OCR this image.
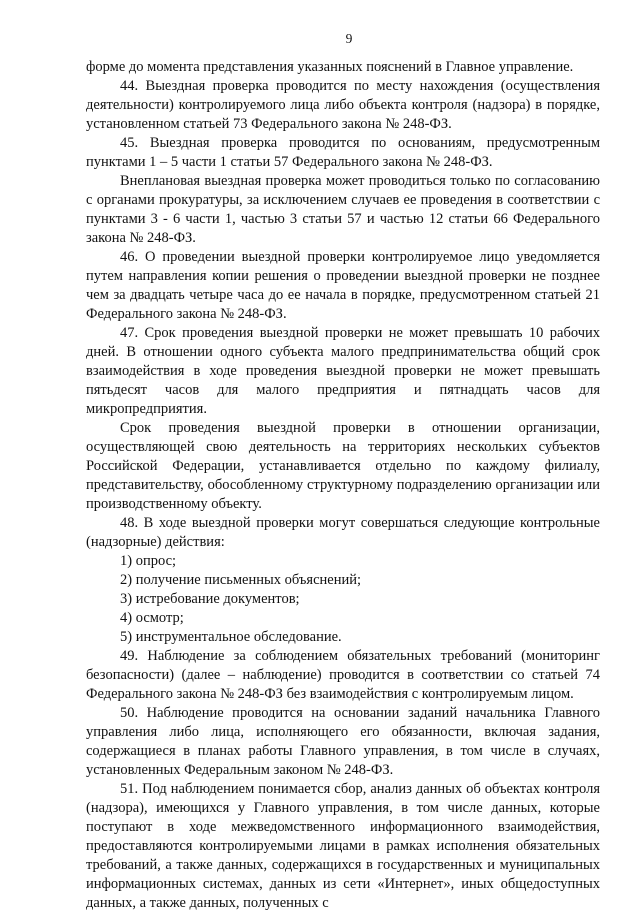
9

форме до момента представления указанных пояснений в Главное управление.

44. Выездная проверка проводится по месту нахождения (осуществления деятельности) контролируемого лица либо объекта контроля (надзора) в порядке, установленном статьей 73 Федерального закона № 248-ФЗ.

45. Выездная проверка проводится по основаниям, предусмотренным пунктами 1 – 5 части 1 статьи 57 Федерального закона № 248-ФЗ.

Внеплановая выездная проверка может проводиться только по согласованию с органами прокуратуры, за исключением случаев ее проведения в соответствии с пунктами 3 - 6 части 1, частью 3 статьи 57 и частью 12 статьи 66 Федерального закона № 248-ФЗ.

46. О проведении выездной проверки контролируемое лицо уведомляется путем направления копии решения о проведении выездной проверки не позднее чем за двадцать четыре часа до ее начала в порядке, предусмотренном статьей 21 Федерального закона № 248-ФЗ.

47. Срок проведения выездной проверки не может превышать 10 рабочих дней. В отношении одного субъекта малого предпринимательства общий срок взаимодействия в ходе проведения выездной проверки не может превышать пятьдесят часов для малого предприятия и пятнадцать часов для микропредприятия.

Срок проведения выездной проверки в отношении организации, осуществляющей свою деятельность на территориях нескольких субъектов Российской Федерации, устанавливается отдельно по каждому филиалу, представительству, обособленному структурному подразделению организации или производственному объекту.

48. В ходе выездной проверки могут совершаться следующие контрольные (надзорные) действия:

1) опрос;

2) получение письменных объяснений;

3) истребование документов;

4) осмотр;

5) инструментальное обследование.

49. Наблюдение за соблюдением обязательных требований (мониторинг безопасности) (далее – наблюдение) проводится в соответствии со статьей 74 Федерального закона № 248-ФЗ без взаимодействия с контролируемым лицом.

50. Наблюдение проводится на основании заданий начальника Главного управления либо лица, исполняющего его обязанности, включая задания, содержащиеся в планах работы Главного управления, в том числе в случаях, установленных Федеральным законом № 248-ФЗ.

51. Под наблюдением понимается сбор, анализ данных об объектах контроля (надзора), имеющихся у Главного управления, в том числе данных, которые поступают в ходе межведомственного информационного взаимодействия, предоставляются контролируемыми лицами в рамках исполнения обязательных требований, а также данных, содержащихся в государственных и муниципальных информационных системах, данных из сети «Интернет», иных общедоступных данных, а также данных, полученных с
